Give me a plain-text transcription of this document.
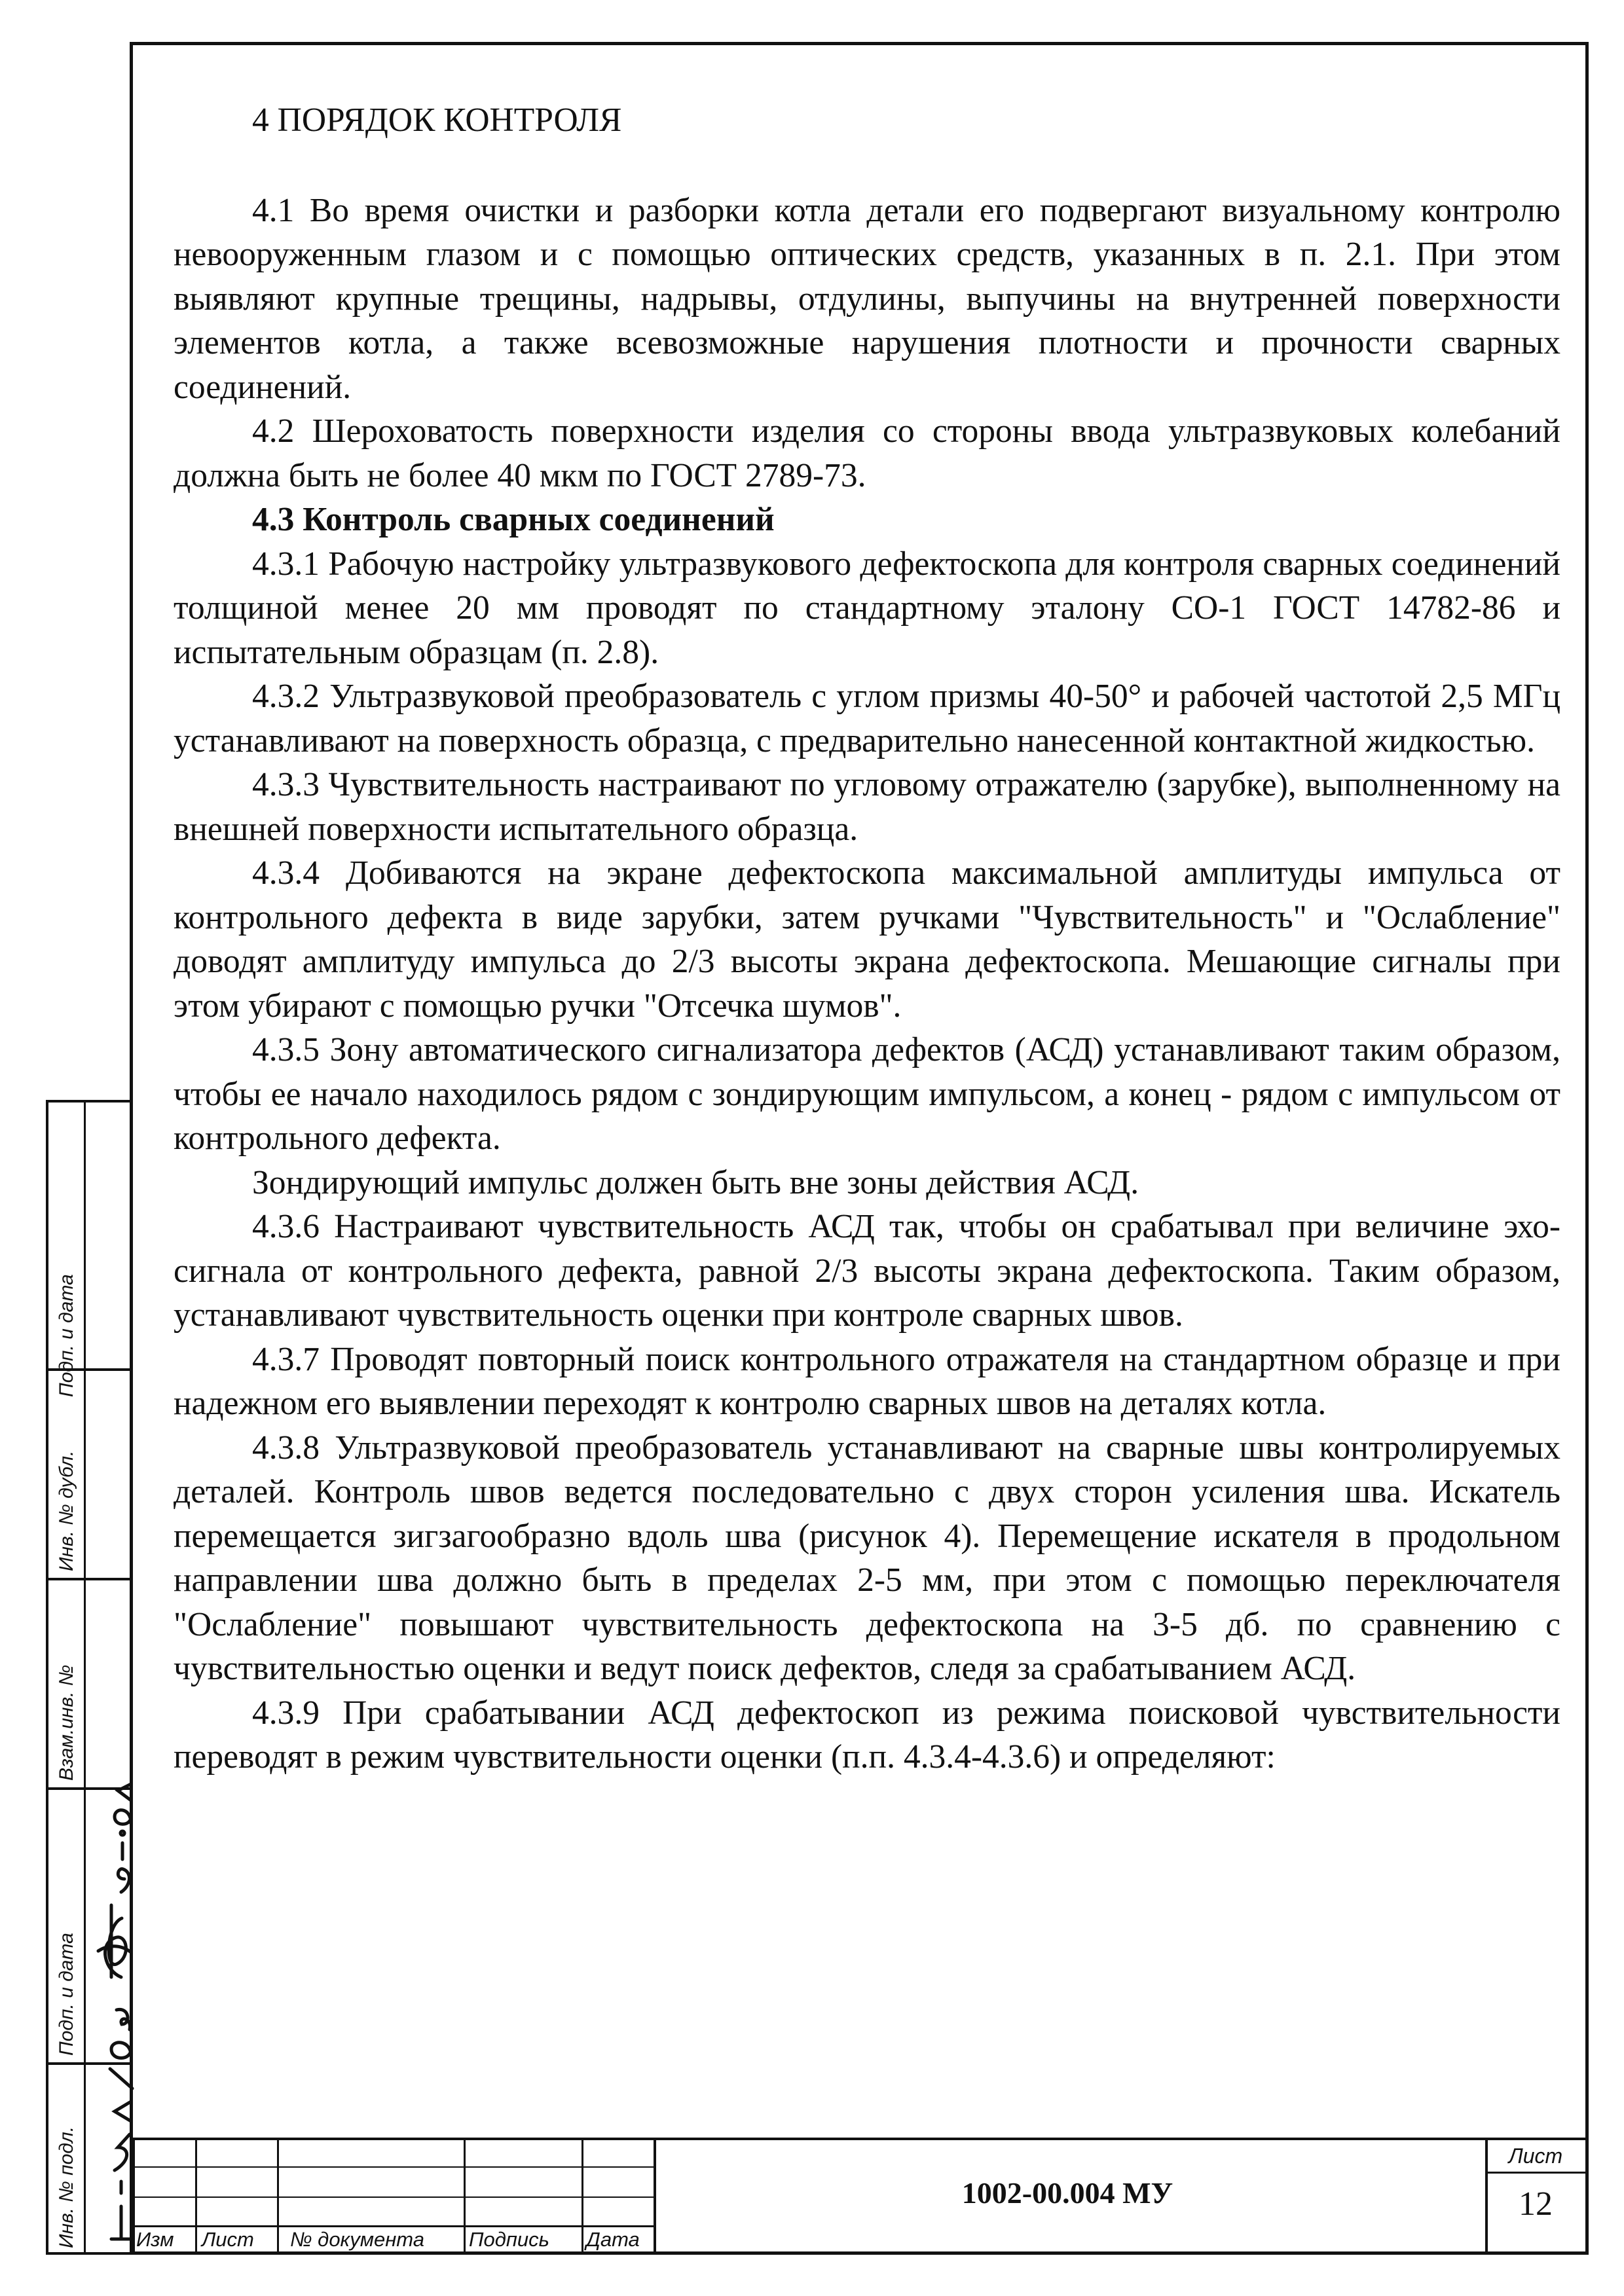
4 ПОРЯДОК КОНТРОЛЯ

4.1 Во время очистки и разборки котла детали его подвергают визуальному контролю невооруженным глазом и с помощью оптических средств, указанных в п. 2.1. При этом выявляют крупные трещины, надрывы, отдулины, выпучины на внутренней поверхности элементов котла, а также всевозможные нарушения плотности и прочности сварных соединений.

4.2 Шероховатость поверхности изделия со стороны ввода ультразвуковых колебаний должна быть не более 40 мкм по ГОСТ 2789-73.

4.3 Контроль сварных соединений

4.3.1 Рабочую настройку ультразвукового дефектоскопа для контроля сварных соединений толщиной менее 20 мм проводят по стандартному эталону СО-1 ГОСТ 14782-86 и испытательным образцам (п. 2.8).

4.3.2 Ультразвуковой преобразователь с углом призмы 40-50° и рабочей частотой 2,5 МГц устанавливают на поверхность образца, с предварительно нанесенной контактной жидкостью.

4.3.3 Чувствительность настраивают по угловому отражателю (зарубке), выполненному на внешней поверхности испытательного образца.

4.3.4 Добиваются на экране дефектоскопа максимальной амплитуды импульса от контрольного дефекта в виде зарубки, затем ручками "Чувствительность" и "Ослабление" доводят амплитуду импульса до 2/3 высоты экрана дефектоскопа. Мешающие сигналы при этом убирают с помощью ручки "Отсечка шумов".

4.3.5 Зону автоматического сигнализатора дефектов (АСД) устанавливают таким образом, чтобы ее начало находилось рядом с зондирующим импульсом, а конец - рядом с импульсом от контрольного дефекта.

Зондирующий импульс должен быть вне зоны действия АСД.

4.3.6 Настраивают чувствительность АСД так, чтобы он срабатывал при величине эхо-сигнала от контрольного дефекта, равной 2/3 высоты экрана дефектоскопа. Таким образом, устанавливают чувствительность оценки при контроле сварных швов.

4.3.7 Проводят повторный поиск контрольного отражателя на стандартном образце и при надежном его выявлении переходят к контролю сварных швов на деталях котла.

4.3.8 Ультразвуковой преобразователь устанавливают на сварные швы контролируемых деталей. Контроль швов ведется последовательно с двух сторон усиления шва. Искатель перемещается зигзагообразно вдоль шва (рисунок 4). Перемещение искателя в продольном направлении шва должно быть в пределах 2-5 мм, при этом с помощью переключателя "Ослабление" повышают чувствительность дефектоскопа на 3-5 дб. по сравнению с чувствительностью оценки и ведут поиск дефектов, следя за срабатыванием АСД.

4.3.9 При срабатывании АСД дефектоскоп из режима поисковой чувствительности переводят в режим чувствительности оценки (п.п. 4.3.4-4.3.6) и определяют:

Подп. и дата
Инв. № дубл.
Взам.инв. №
Подп. и дата
Инв. № подл.	Изм	Лист	№ документа	Подпись	Дата
1002-00.004 МУ
Лист
12
